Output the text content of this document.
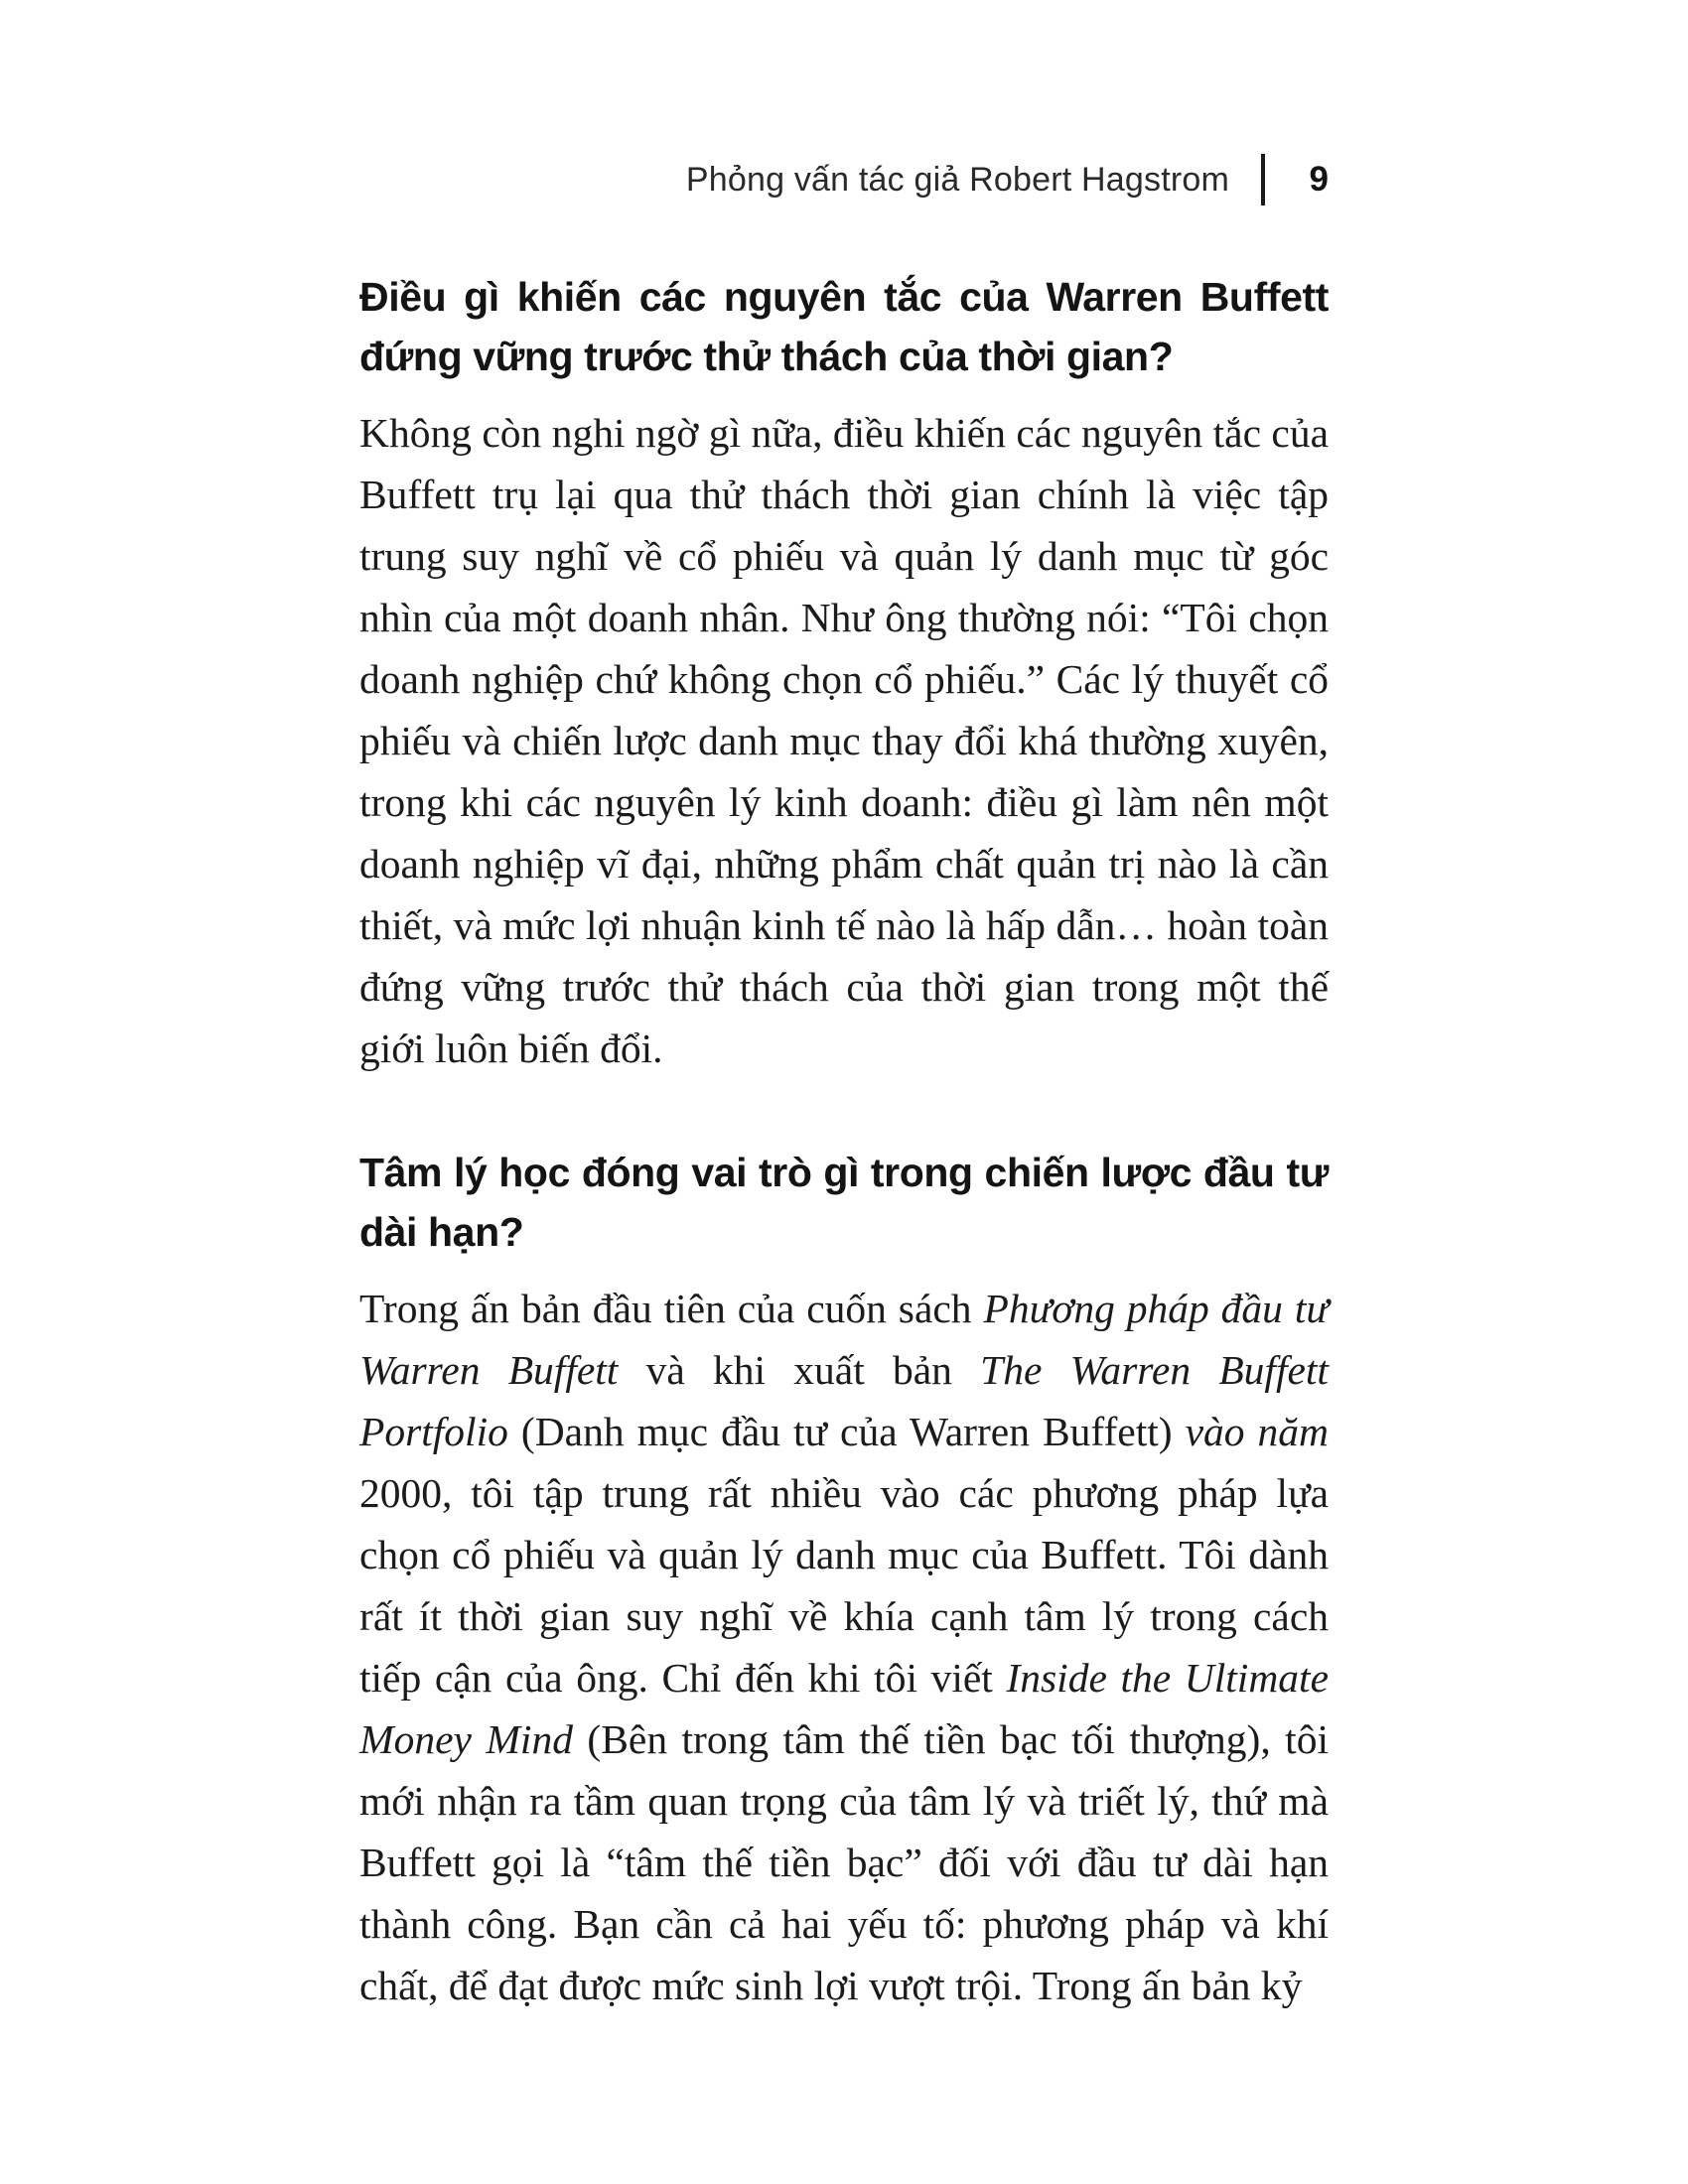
Phỏng vấn tác giả Robert Hagstrom 9
Điều gì khiến các nguyên tắc của Warren Buffett đứng vững trước thử thách của thời gian?

Không còn nghi ngờ gì nữa, điều khiến các nguyên tắc của Buffett trụ lại qua thử thách thời gian chính là việc tập trung suy nghĩ về cổ phiếu và quản lý danh mục từ góc nhìn của một doanh nhân. Như ông thường nói: “Tôi chọn doanh nghiệp chứ không chọn cổ phiếu.” Các lý thuyết cổ phiếu và chiến lược danh mục thay đổi khá thường xuyên, trong khi các nguyên lý kinh doanh: điều gì làm nên một doanh nghiệp vĩ đại, những phẩm chất quản trị nào là cần thiết, và mức lợi nhuận kinh tế nào là hấp dẫn… hoàn toàn đứng vững trước thử thách của thời gian trong một thế giới luôn biến đổi.

Tâm lý học đóng vai trò gì trong chiến lược đầu tư dài hạn?

Trong ấn bản đầu tiên của cuốn sách Phương pháp đầu tư Warren Buffett và khi xuất bản The Warren Buffett Portfolio (Danh mục đầu tư của Warren Buffett) vào năm 2000, tôi tập trung rất nhiều vào các phương pháp lựa chọn cổ phiếu và quản lý danh mục của Buffett. Tôi dành rất ít thời gian suy nghĩ về khía cạnh tâm lý trong cách tiếp cận của ông. Chỉ đến khi tôi viết Inside the Ultimate Money Mind (Bên trong tâm thế tiền bạc tối thượng), tôi mới nhận ra tầm quan trọng của tâm lý và triết lý, thứ mà Buffett gọi là “tâm thế tiền bạc” đối với đầu tư dài hạn thành công. Bạn cần cả hai yếu tố: phương pháp và khí chất, để đạt được mức sinh lợi vượt trội. Trong ấn bản kỷ
